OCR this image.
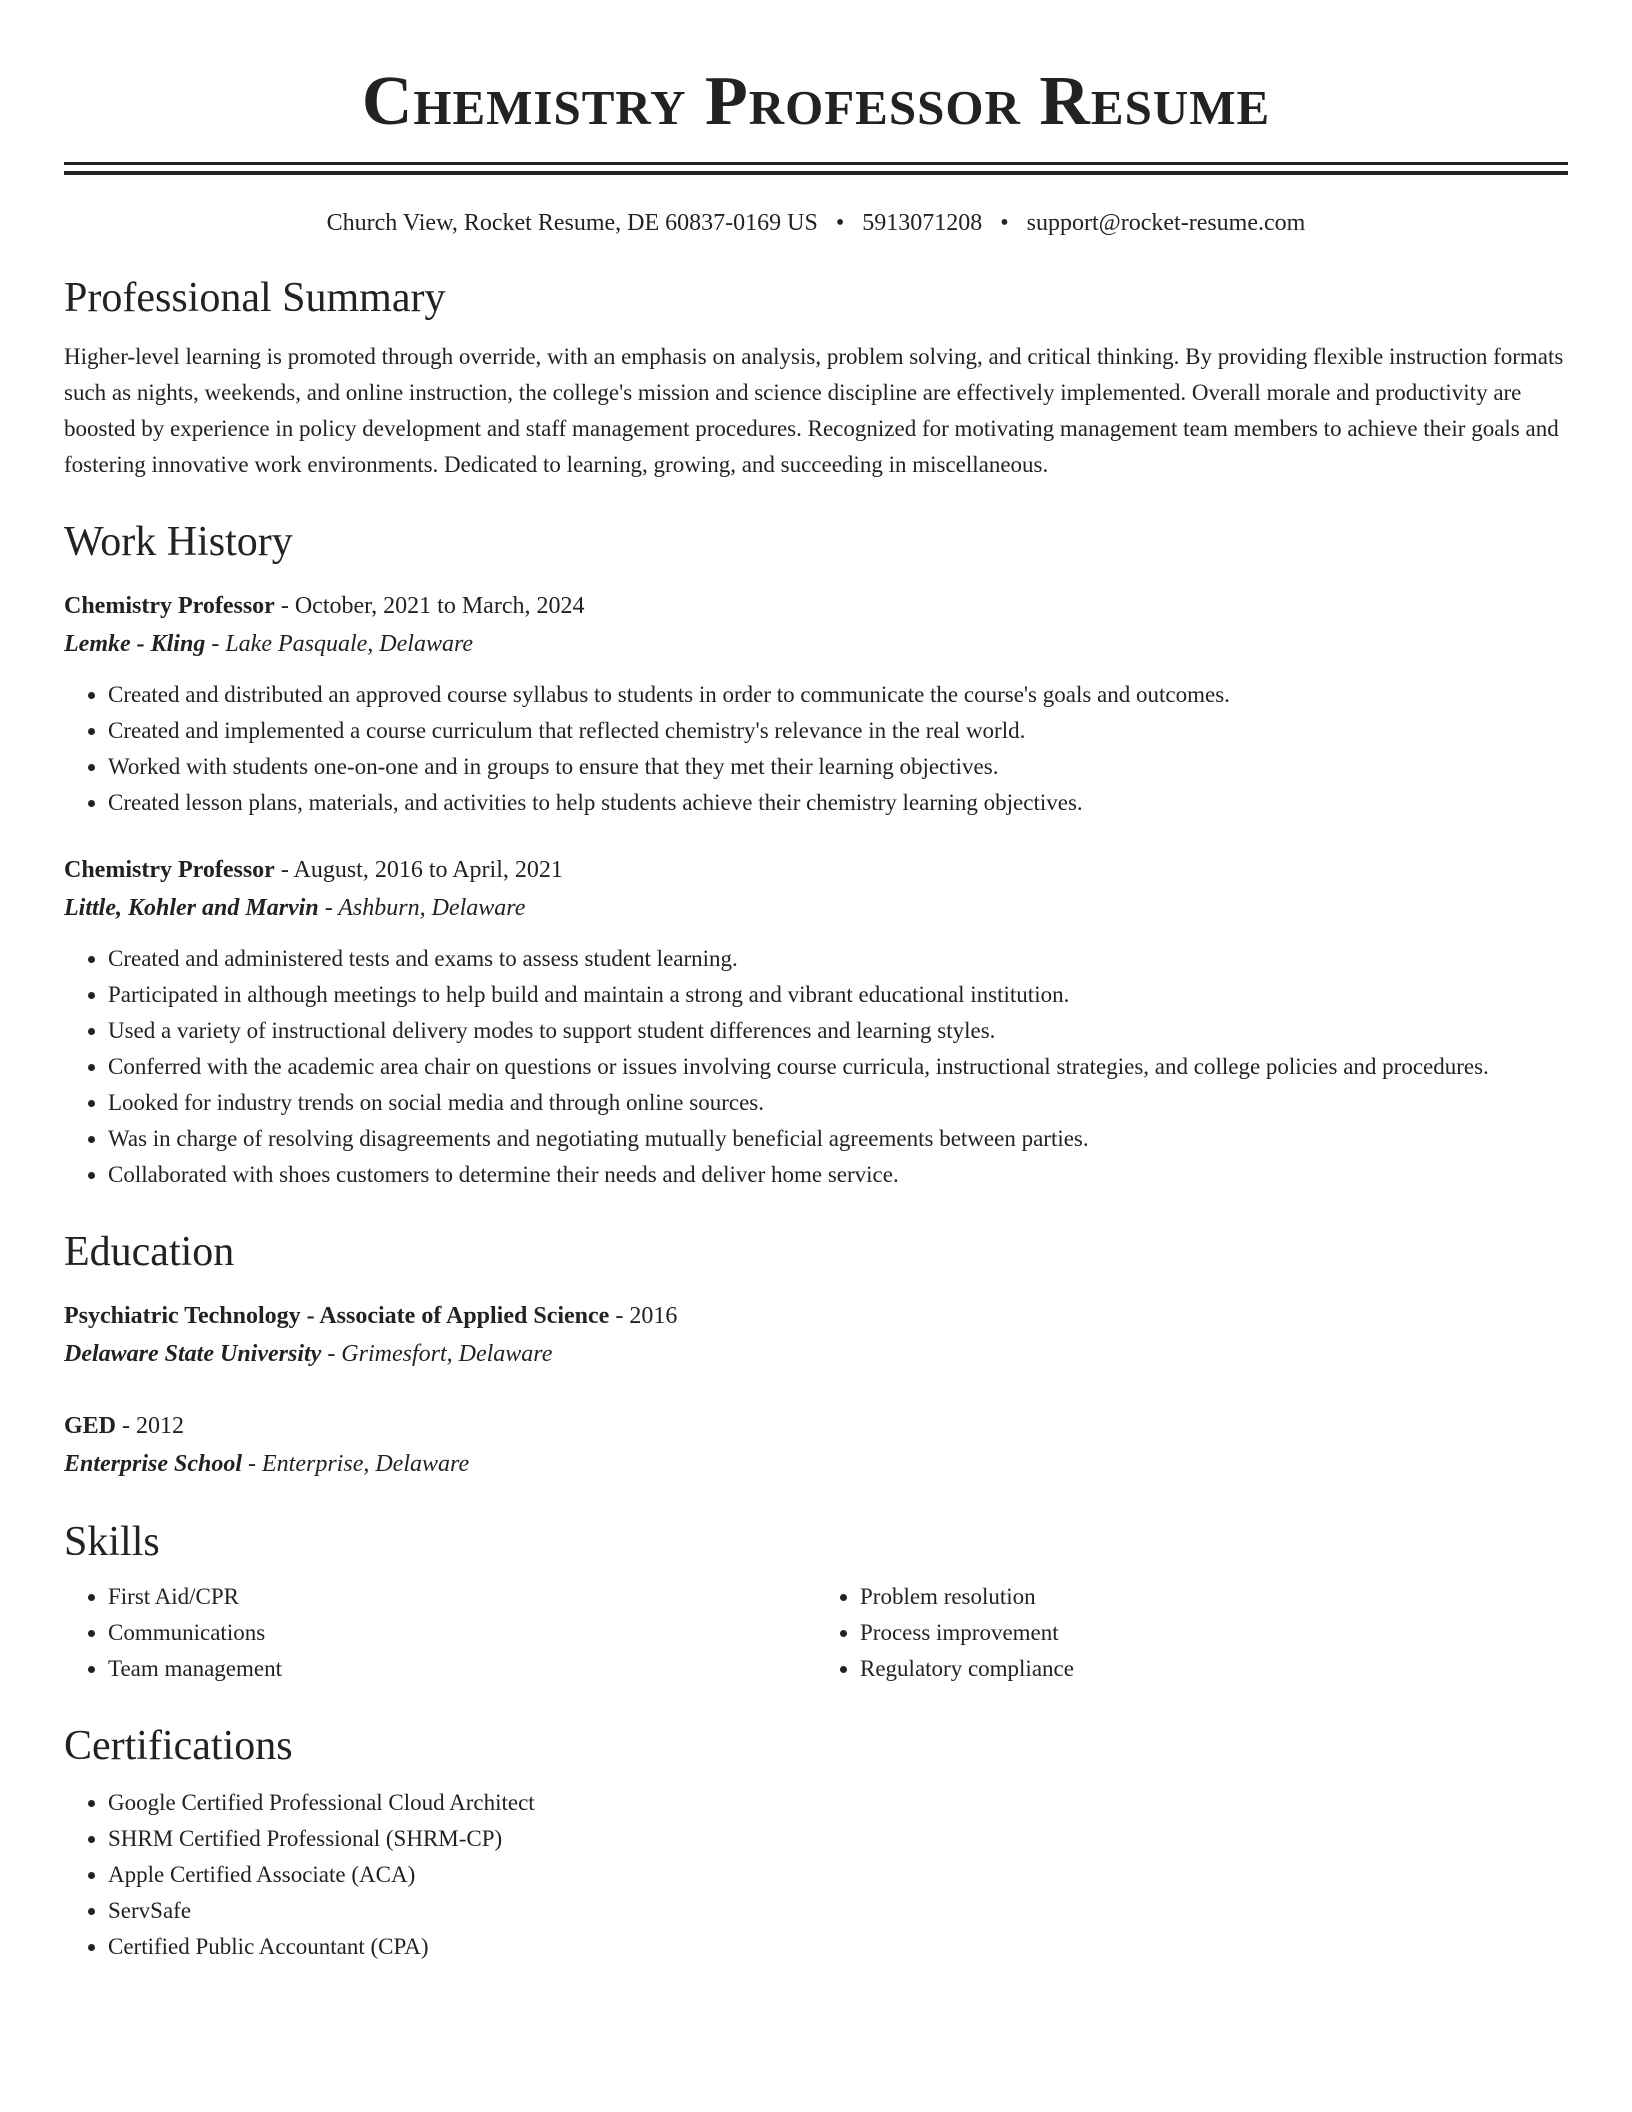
Chemistry Professor Resume
Church View, Rocket Resume, DE 60837-0169 US • 5913071208 • support@rocket-resume.com
Professional Summary
Higher-level learning is promoted through override, with an emphasis on analysis, problem solving, and critical thinking. By providing flexible instruction formats such as nights, weekends, and online instruction, the college's mission and science discipline are effectively implemented. Overall morale and productivity are boosted by experience in policy development and staff management procedures. Recognized for motivating management team members to achieve their goals and fostering innovative work environments. Dedicated to learning, growing, and succeeding in miscellaneous.
Work History
Chemistry Professor - October, 2021 to March, 2024
Lemke - Kling - Lake Pasquale, Delaware
• Created and distributed an approved course syllabus to students in order to communicate the course's goals and outcomes.
• Created and implemented a course curriculum that reflected chemistry's relevance in the real world.
• Worked with students one-on-one and in groups to ensure that they met their learning objectives.
• Created lesson plans, materials, and activities to help students achieve their chemistry learning objectives.
Chemistry Professor - August, 2016 to April, 2021
Little, Kohler and Marvin - Ashburn, Delaware
• Created and administered tests and exams to assess student learning.
• Participated in although meetings to help build and maintain a strong and vibrant educational institution.
• Used a variety of instructional delivery modes to support student differences and learning styles.
• Conferred with the academic area chair on questions or issues involving course curricula, instructional strategies, and college policies and procedures.
• Looked for industry trends on social media and through online sources.
• Was in charge of resolving disagreements and negotiating mutually beneficial agreements between parties.
• Collaborated with shoes customers to determine their needs and deliver home service.
Education
Psychiatric Technology - Associate of Applied Science - 2016
Delaware State University - Grimesfort, Delaware
GED - 2012
Enterprise School - Enterprise, Delaware
Skills
• First Aid/CPR
• Communications
• Team management
• Problem resolution
• Process improvement
• Regulatory compliance
Certifications
• Google Certified Professional Cloud Architect
• SHRM Certified Professional (SHRM-CP)
• Apple Certified Associate (ACA)
• ServSafe
• Certified Public Accountant (CPA)
